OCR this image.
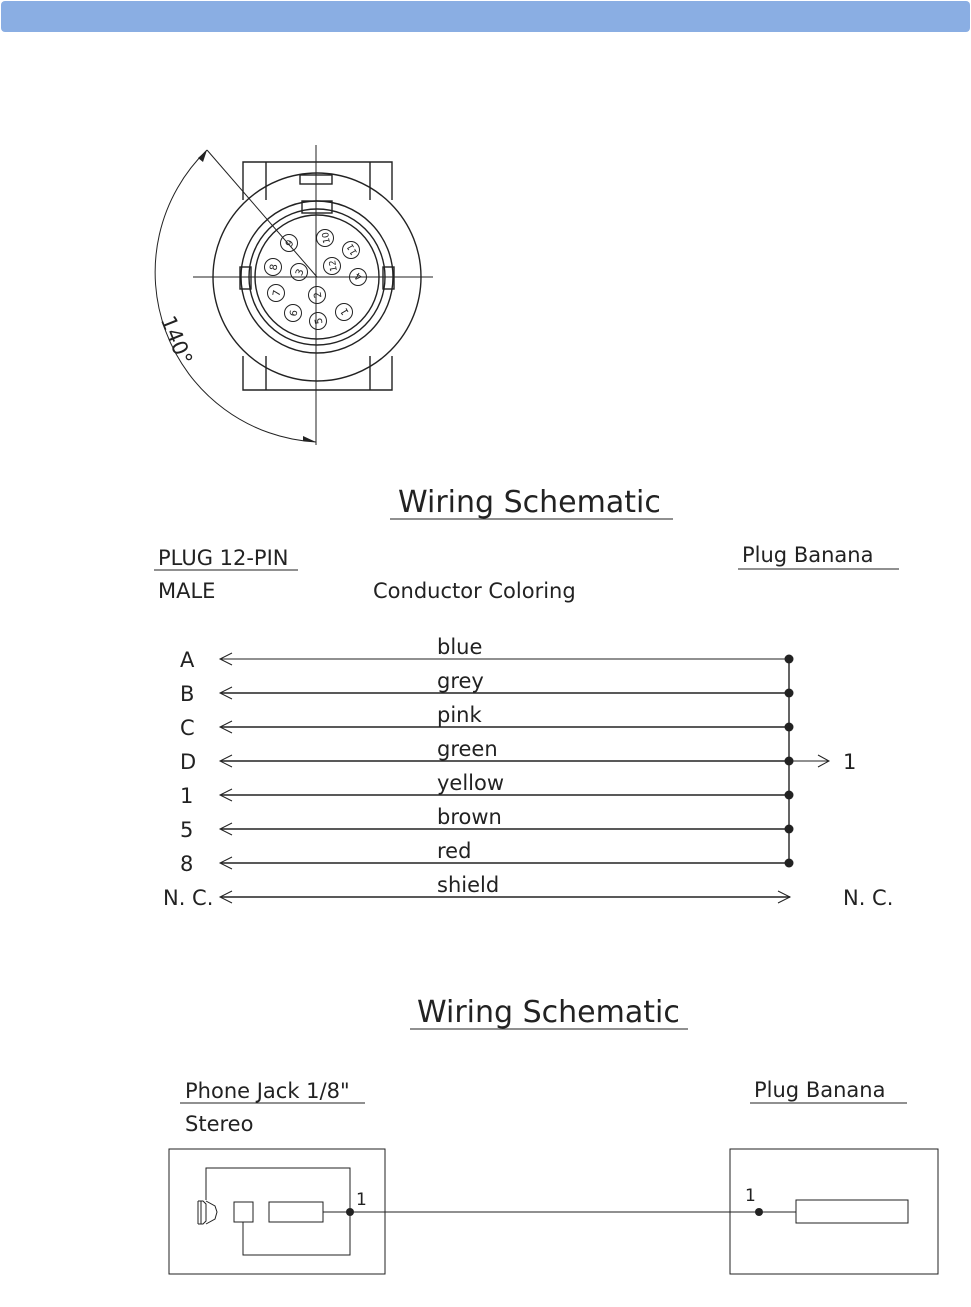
9	10
11
8
3
12
4
7	2
6
5
1
140°
Wiring Schematic
PLUG 12-PIN
MALE	Conductor Coloring
Plug Banana
A
blue
B
grey
C
pink
D
green
1
yellow
5
brown
8
red
N. C.
shield
1
N. C.
Wiring Schematic
Phone Jack 1/8"
Stereo
Plug Banana
1	1
